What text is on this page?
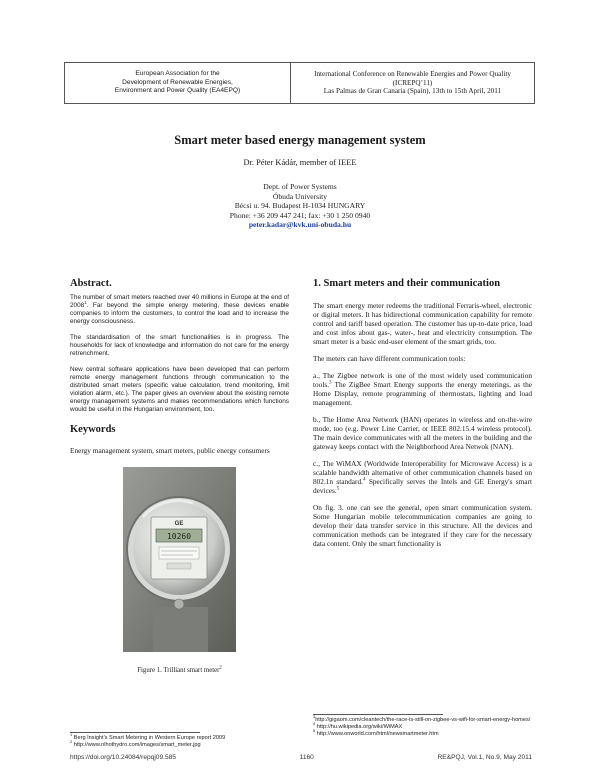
European Association for the
Development of Renewable Energies,
Environment and Power Quality (EA4EPQ)
International Conference on Renewable Energies and Power Quality
(ICREPQ’11)
Las Palmas de Gran Canaria (Spain), 13th to 15th April, 2011
Smart meter based energy management system
Dr. Péter Kádár, member of IEEE
Dept. of Power Systems
Óbuda University
Bécsi u. 94. Budapest H-1034 HUNGARY
Phone: +36 209 447 241; fax: +30 1 250 0940
peter.kadar@kvk.uni-obuda.hu
Abstract.

The number of smart meters reached over 40 millions in Europe at the end of 2008$^1$. Far beyond the simple energy metering, these devices enable companies to inform the customers, to control the load and to increase the energy consciousness.

The standardisation of the smart functionalities is in progress. The households for lack of knowledge and information do not care for the energy retrenchment.

New central software applications have been developed that can perform remote energy management functions through communication to the distributed smart meters (specific value calculation, trend monitoring, limit violation alarm, etc.). The paper gives an overview about the existing remote energy management systems and makes recommendations which functions would be useful in the Hungarian environment, too.

Keywords

Energy management system, smart meters, public energy consumers

GE
10260
Figure 1. Trilliant smart meter$^2$
1. Smart meters and their communication

The smart energy meter redeems the traditional Ferraris-wheel, electronic or digital meters. It has bidirectional communication capability for remote control and tariff based operation. The customer has up-to-date price, load and cost infos about gas-, water-, heat and electricity consumption. The smart meter is a basic end-user element of the smart grids, too.

The meters can have different communication tools:

a., The Zigbee network is one of the most widely used communication tools.$^3$ The ZigBee Smart Energy supports the energy meterings, as the Home Display, remote programming of thermostats, lighting and load management.

b., The Home Area Network (HAN) operates in wireless and on-the-wire mode, too (e.g. Power Line Carrier, or IEEE 802.15.4 wireless protocol). The main device communicates with all the meters in the building and the gateway keeps contact with the Neighborhood Area Netwok (NAN).

c., The WiMAX (Worldwide Interoperability for Microwave Access) is a scalable bandwidth alternative of other communication channels based on 802.1n standard.$^4$ Specifically serves the Intels and GE Energy's smart devices.$^5$

On fig. 3. one can see the general, open smart communication system. Some Hungarian mobile telecommunication companies are going to develop their data transfer service in this structure. All the devices and communication methods can be integrated if they care for the necessary data content. Only the smart functionality is

$^1$ Berg Insight's Smart Metering in Western Europe report 2009
$^2$ http://www.nlhothydro.com/images/smart_meter.jpg
$^3$http://gigaom.com/cleantech/the-race-is-still-on-zigbee-vs-wifi-for-smart-energy-homes/
$^4$ http://hu.wikipedia.org/wiki/WiMAX
$^5$ http://www.onworld.com/html/newsmartmeter.htm
https://doi.org/10.24084/repqj09.585	1160	RE&PQJ, Vol.1, No.9, May 2011
